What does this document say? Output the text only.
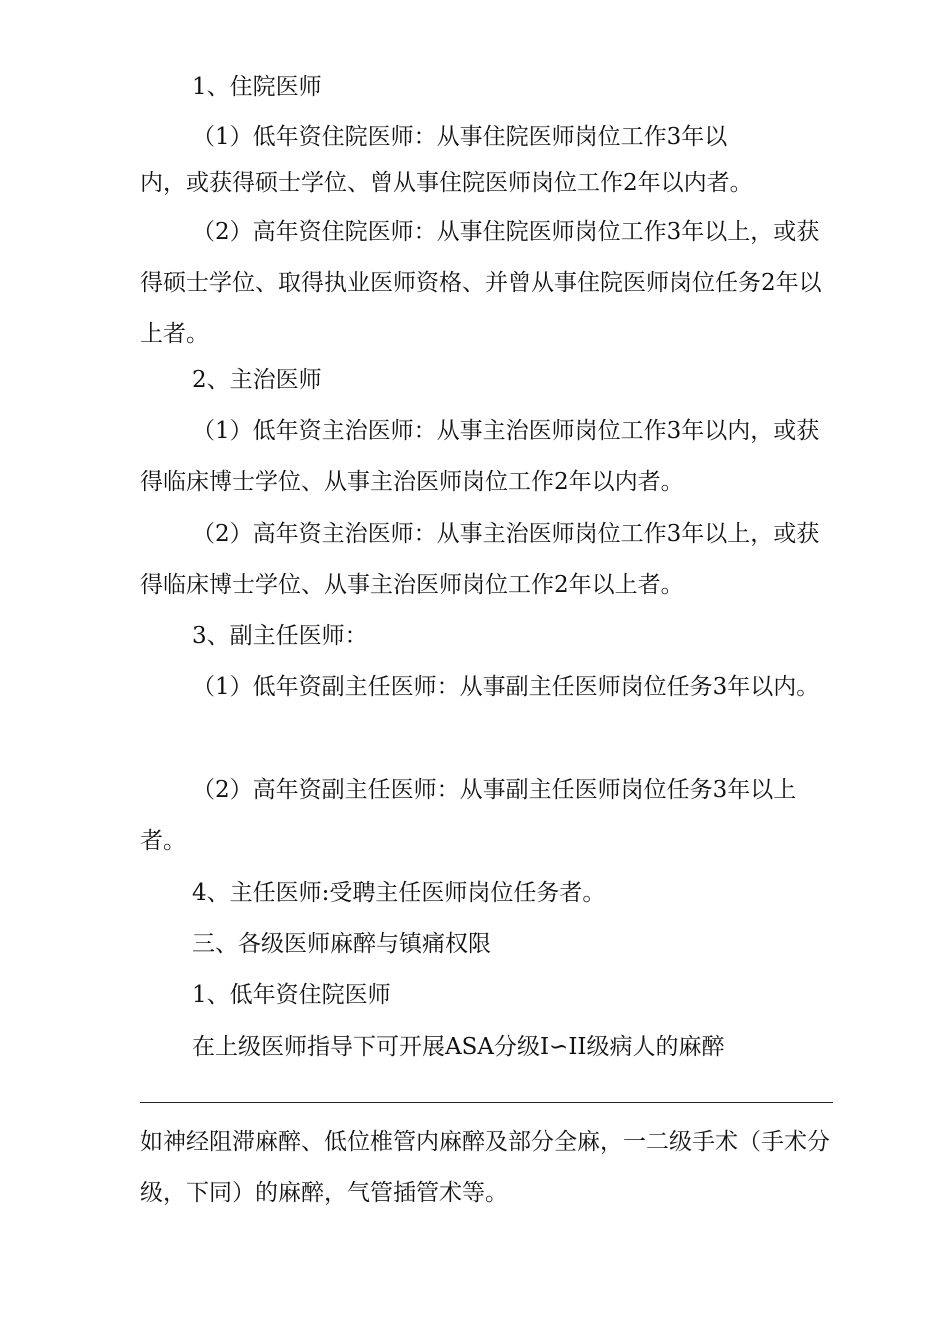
1、住院医师

（1）低年资住院医师：从事住院医师岗位工作3年以

内，或获得硕士学位、曾从事住院医师岗位工作2年以内者。

（2）高年资住院医师：从事住院医师岗位工作3年以上，或获得硕士学位、取得执业医师资格、并曾从事住院医师岗位任务2年以上者。

2、主治医师

（1）低年资主治医师：从事主治医师岗位工作3年以内，或获得临床博士学位、从事主治医师岗位工作2年以内者。

（2）高年资主治医师：从事主治医师岗位工作3年以上，或获得临床博士学位、从事主治医师岗位工作2年以上者。

3、副主任医师：

（1）低年资副主任医师：从事副主任医师岗位任务3年以内。

（2）高年资副主任医师：从事副主任医师岗位任务3年以上者。

4、主任医师:受聘主任医师岗位任务者。

三、各级医师麻醉与镇痛权限

1、低年资住院医师

在上级医师指导下可开展ASA分级I∽II级病人的麻醉

如神经阻滞麻醉、低位椎管内麻醉及部分全麻，一二级手术（手术分级，下同）的麻醉，气管插管术等。
